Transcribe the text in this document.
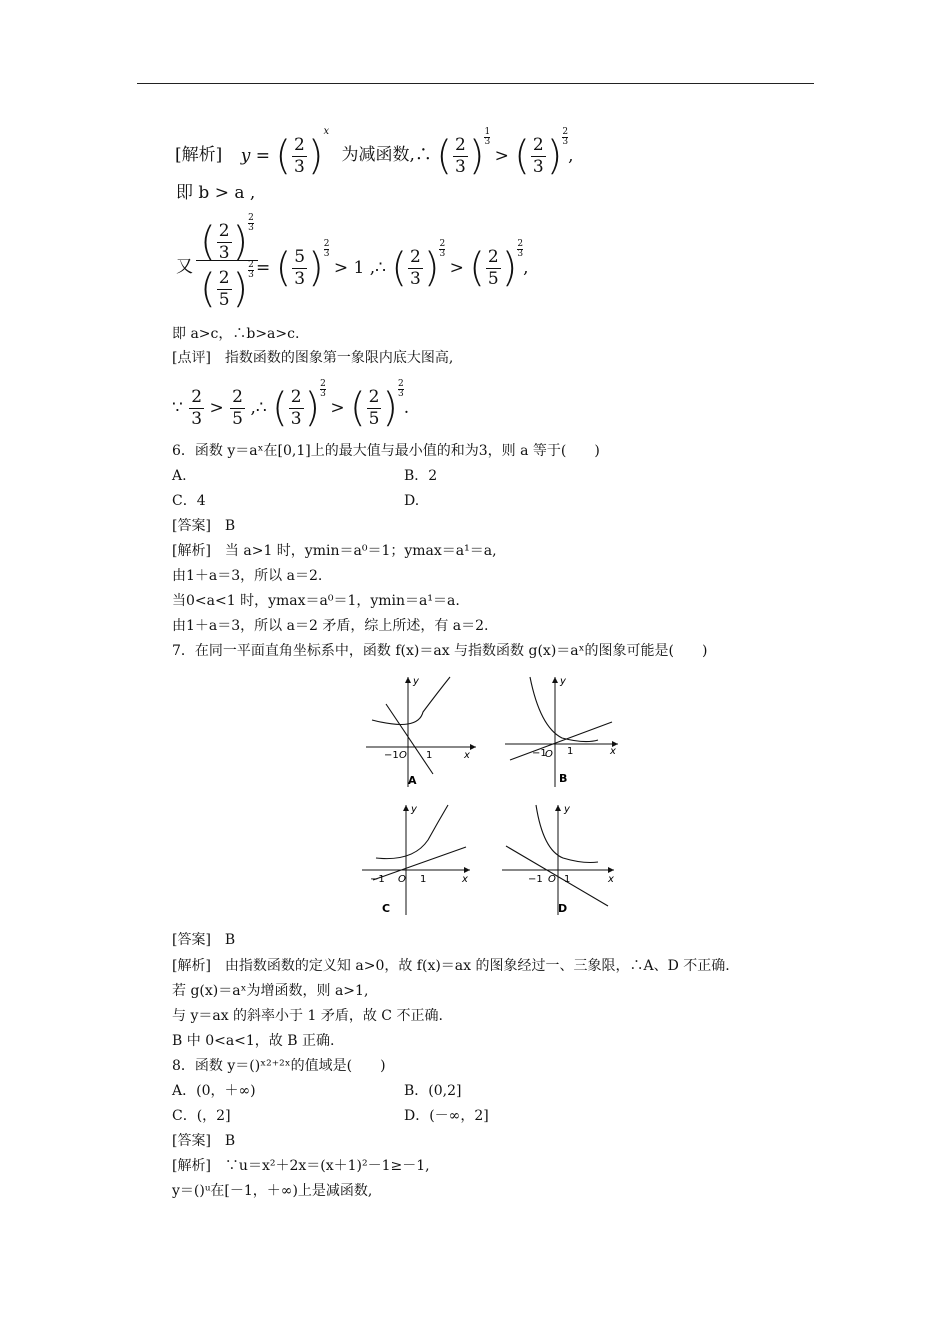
[解析] y = ( $\frac{2}{3} )^x$ 为减函数,∴ ( $\frac{2}{3}$ ) $\frac{1}{3}$
> ( $\frac{2}{3}$ ) $\frac{2}{3}$
,
即 b > a ,
又
( $\frac{2}{3}$ ) $\frac{2}{3}$
( $\frac{2}{5}$ ) $\frac{2}{3}$ = ( $\frac{5}{3}$ ) $\frac{2}{3}$
> 1 ,∴ ( $\frac{2}{3}$ ) $\frac{2}{3}$
> ( $\frac{2}{5}$ ) $\frac{2}{3}$
,
即 a>c，∴b>a>c.
[点评]　指数函数的图象第一象限内底大图高,
∵ $\frac{2}{3} > \frac{2}{5}$ ,∴ ( $\frac{2}{3}$ ) $\frac{2}{3}$
> ( $\frac{2}{5}$ ) $\frac{2}{3}$
.
6．函数 y＝aˣ在[0,1]上的最大值与最小值的和为3，则 a 等于(　　)
A.	B．2
C．4	D.
[答案]　B
[解析]　当 a>1 时，ymin＝a⁰＝1；ymax＝a¹＝a,
由1＋a＝3，所以 a＝2.
当0<a<1 时，ymax＝a⁰＝1，ymin＝a¹＝a.
由1＋a＝3，所以 a＝2 矛盾，综上所述，有 a＝2.
7．在同一平面直角坐标系中，函数 f(x)＝ax 与指数函数 g(x)＝aˣ的图象可能是(　　)
−1 O 1	x
y
A
−1
O 1	x
y
B
−1 O 1	x
y
C
−1 O 1	x
y
D
[答案]　B
[解析]　由指数函数的定义知 a>0，故 f(x)＝ax 的图象经过一、三象限，∴A、D 不正确.
若 g(x)＝aˣ为增函数，则 a>1,
与 y＝ax 的斜率小于 1 矛盾，故 C 不正确.
B 中 0<a<1，故 B 正确.
8．函数 y＝()ˣ²⁺²ˣ的值域是(　　)
A．(0，＋∞)	B．(0,2]
C．(，2]	D．(－∞，2]
[答案]　B
[解析]　∵u＝x²＋2x＝(x＋1)²－1≥－1,
y＝()ᵘ在[－1，＋∞)上是减函数,
